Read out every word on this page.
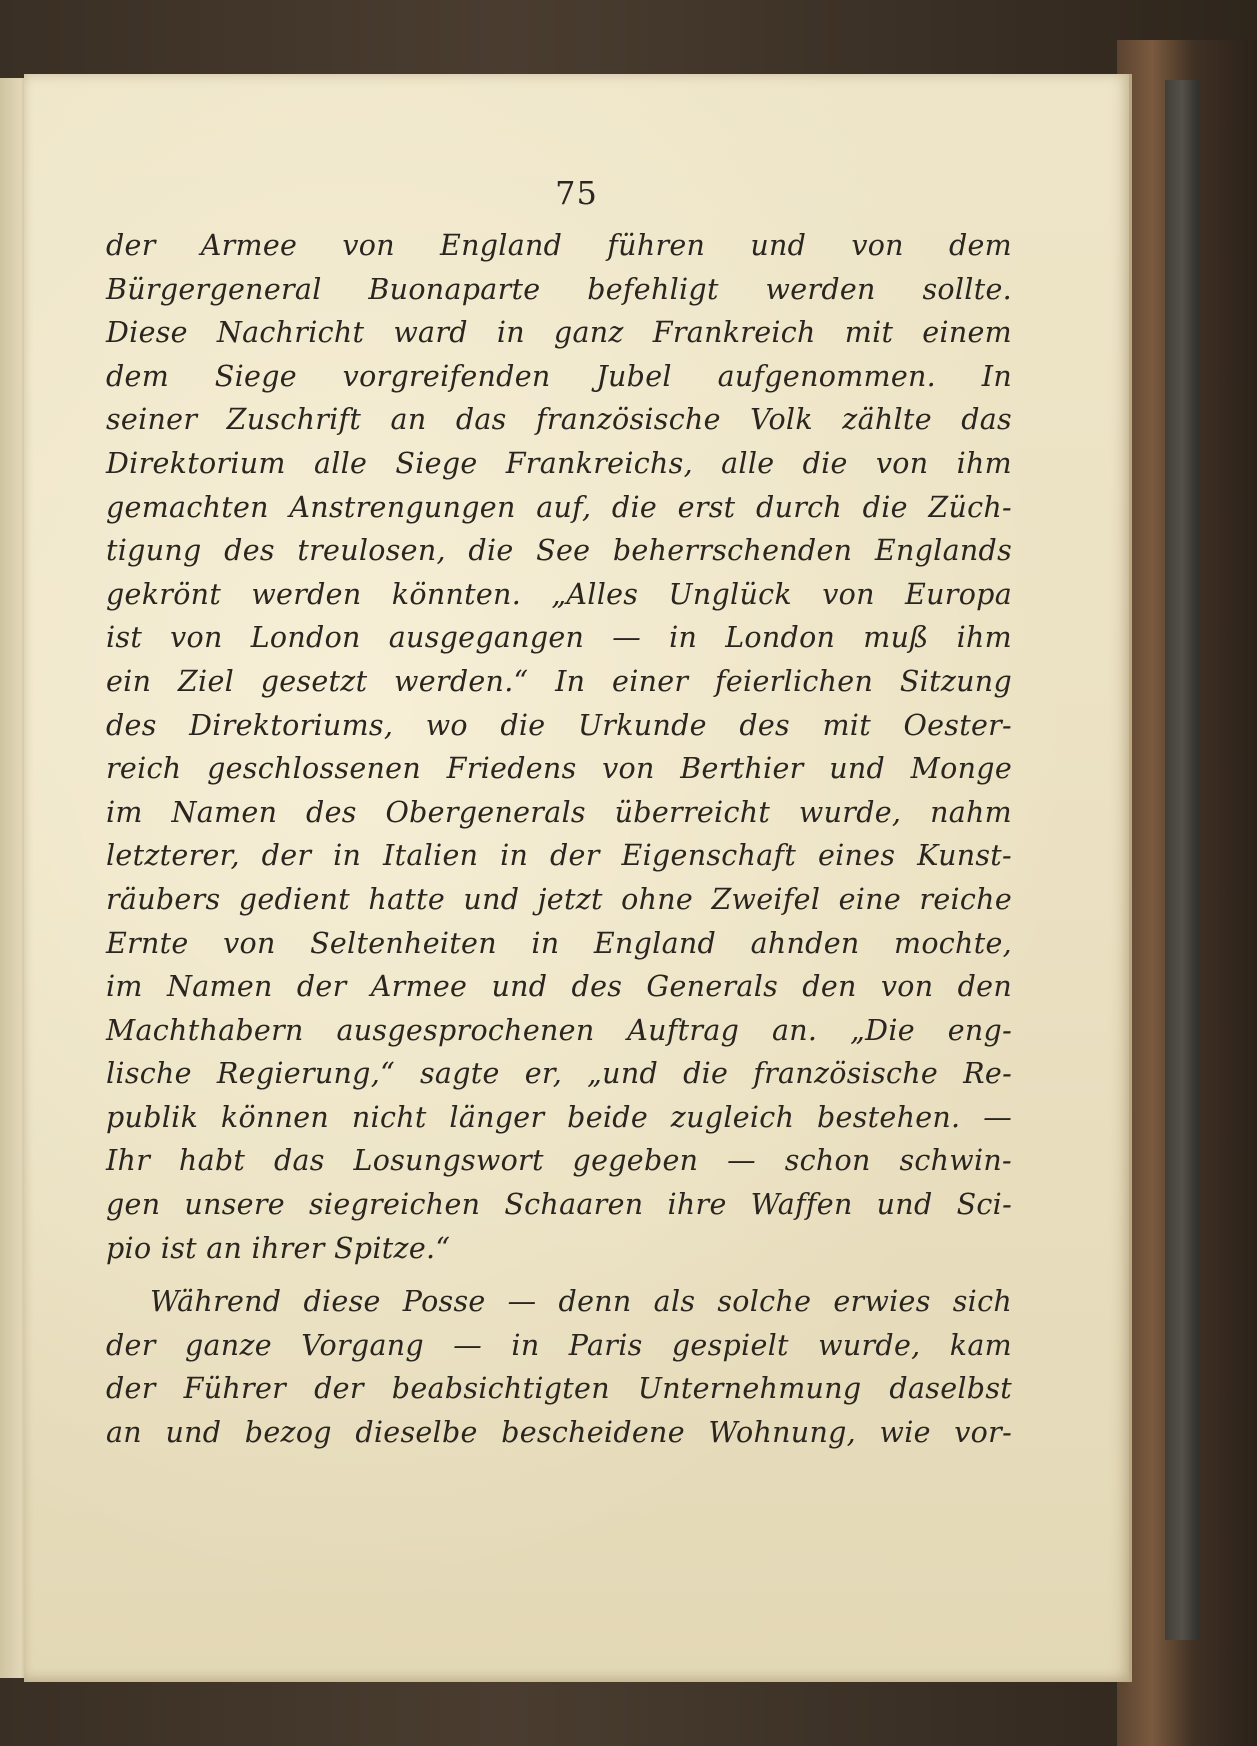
75
der Armee von England führen und von dem
Bürgergeneral Buonaparte befehligt werden sollte.
Diese Nachricht ward in ganz Frankreich mit einem
dem Siege vorgreifenden Jubel aufgenommen. In
seiner Zuschrift an das französische Volk zählte das
Direktorium alle Siege Frankreichs, alle die von ihm
gemachten Anstrengungen auf, die erst durch die Züch-
tigung des treulosen, die See beherrschenden Englands
gekrönt werden könnten. „Alles Unglück von Europa
ist von London ausgegangen — in London muß ihm
ein Ziel gesetzt werden.“ In einer feierlichen Sitzung
des Direktoriums, wo die Urkunde des mit Oester-
reich geschlossenen Friedens von Berthier und Monge
im Namen des Obergenerals überreicht wurde, nahm
letzterer, der in Italien in der Eigenschaft eines Kunst-
räubers gedient hatte und jetzt ohne Zweifel eine reiche
Ernte von Seltenheiten in England ahnden mochte,
im Namen der Armee und des Generals den von den
Machthabern ausgesprochenen Auftrag an. „Die eng-
lische Regierung,“ sagte er, „und die französische Re-
publik können nicht länger beide zugleich bestehen. —
Ihr habt das Losungswort gegeben — schon schwin-
gen unsere siegreichen Schaaren ihre Waffen und Sci-
pio ist an ihrer Spitze.“
Während diese Posse — denn als solche erwies sich
der ganze Vorgang — in Paris gespielt wurde, kam
der Führer der beabsichtigten Unternehmung daselbst
an und bezog dieselbe bescheidene Wohnung, wie vor-
